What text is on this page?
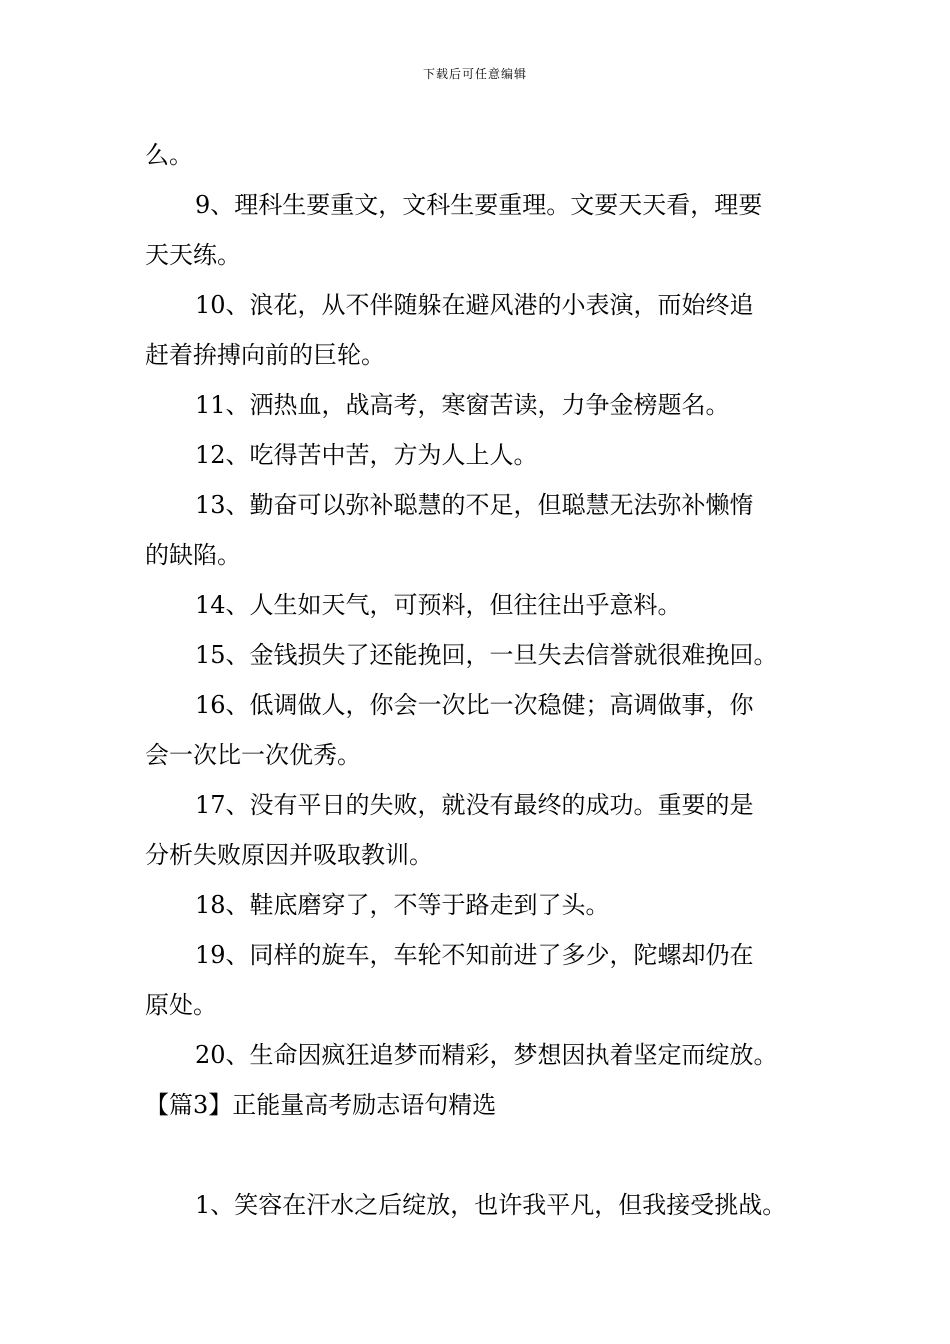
下载后可任意编辑

么。

9、理科生要重文，文科生要重理。文要天天看，理要
天天练。

10、浪花，从不伴随躲在避风港的小表演，而始终追
赶着拚搏向前的巨轮。

11、洒热血，战高考，寒窗苦读，力争金榜题名。

12、吃得苦中苦，方为人上人。

13、勤奋可以弥补聪慧的不足，但聪慧无法弥补懒惰
的缺陷。

14、人生如天气，可预料，但往往出乎意料。

15、金钱损失了还能挽回，一旦失去信誉就很难挽回。

16、低调做人，你会一次比一次稳健；高调做事，你
会一次比一次优秀。

17、没有平日的失败，就没有最终的成功。重要的是
分析失败原因并吸取教训。

18、鞋底磨穿了，不等于路走到了头。

19、同样的旋车，车轮不知前进了多少，陀螺却仍在
原处。

20、生命因疯狂追梦而精彩，梦想因执着坚定而绽放。

【篇3】正能量高考励志语句精选

1、笑容在汗水之后绽放，也许我平凡，但我接受挑战。
